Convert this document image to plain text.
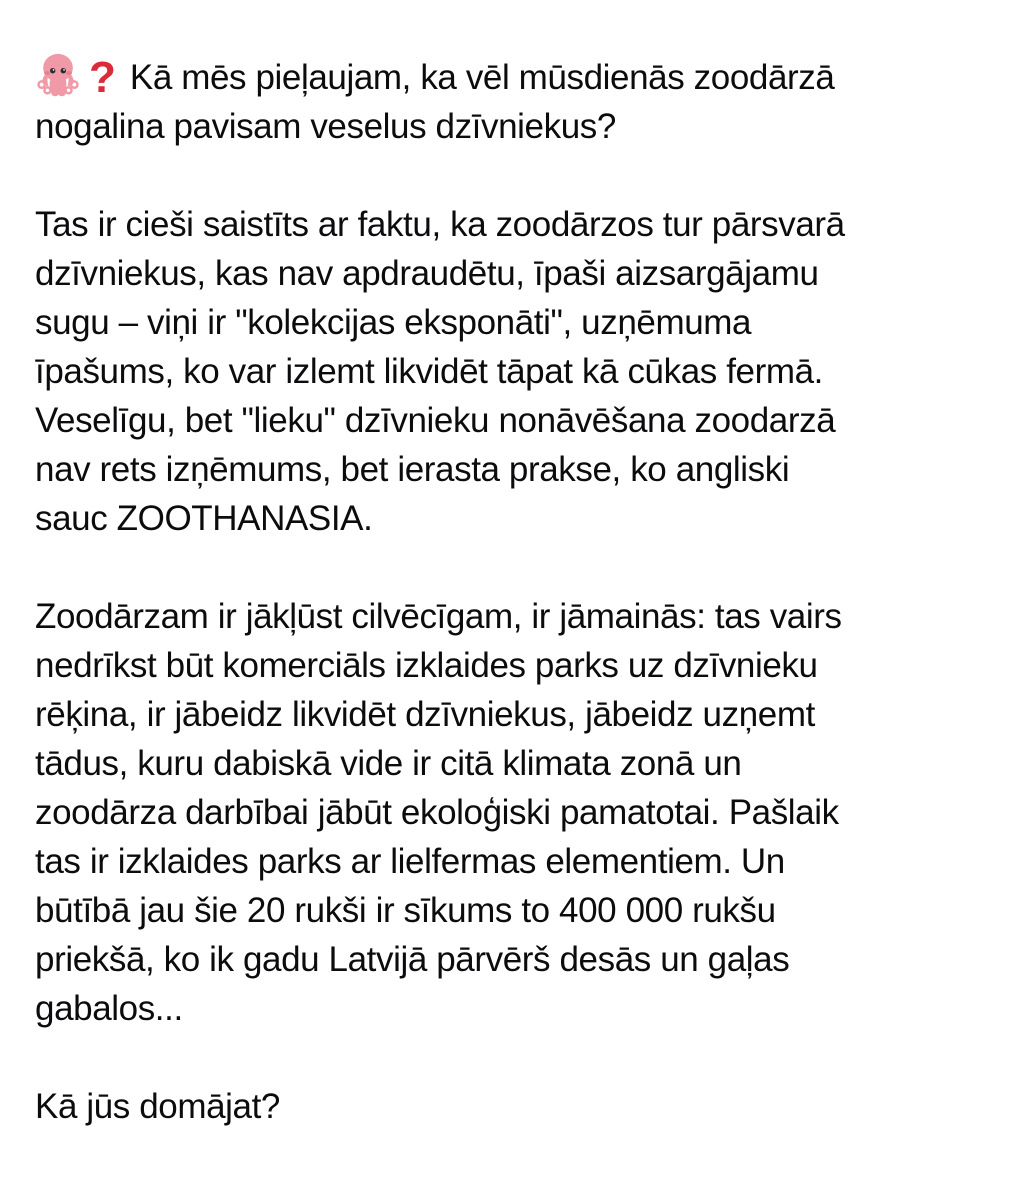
? Kā mēs pieļaujam, ka vēl mūsdienās zoodārzā
nogalina pavisam veselus dzīvniekus?

Tas ir cieši saistīts ar faktu, ka zoodārzos tur pārsvarā
dzīvniekus, kas nav apdraudētu, īpaši aizsargājamu
sugu – viņi ir "kolekcijas eksponāti", uzņēmuma
īpašums, ko var izlemt likvidēt tāpat kā cūkas fermā.
Veselīgu, bet "lieku" dzīvnieku nonāvēšana zoodarzā
nav rets izņēmums, bet ierasta prakse, ko angliski
sauc ZOOTHANASIA.

Zoodārzam ir jākļūst cilvēcīgam, ir jāmainās: tas vairs
nedrīkst būt komerciāls izklaides parks uz dzīvnieku
rēķina, ir jābeidz likvidēt dzīvniekus, jābeidz uzņemt
tādus, kuru dabiskā vide ir citā klimata zonā un
zoodārza darbībai jābūt ekoloģiski pamatotai. Pašlaik
tas ir izklaides parks ar lielfermas elementiem. Un
būtībā jau šie 20 rukši ir sīkums to 400 000 rukšu
priekšā, ko ik gadu Latvijā pārvērš desās un gaļas
gabalos...

Kā jūs domājat?
